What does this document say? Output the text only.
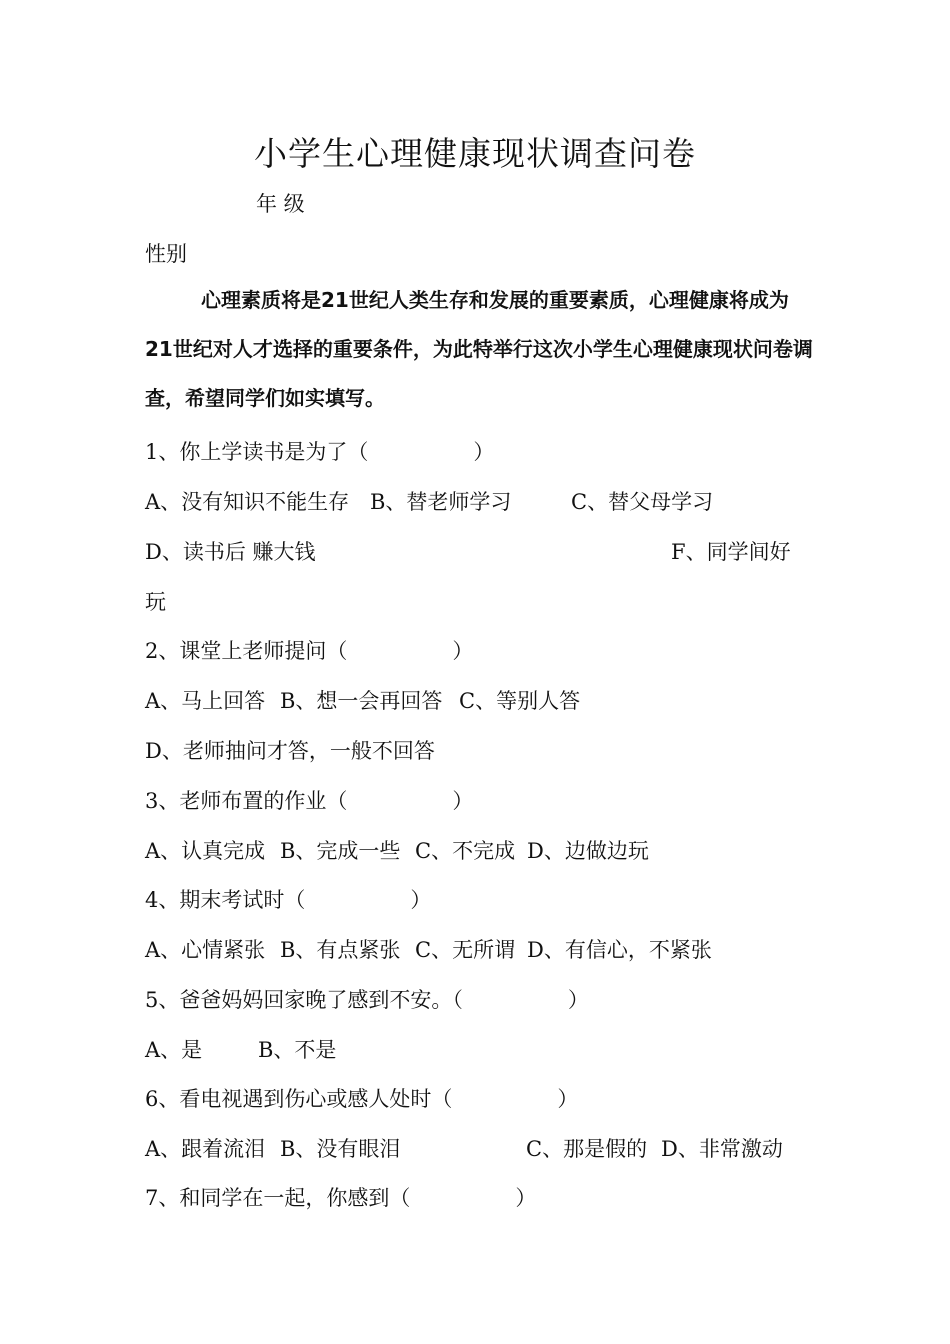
小学生心理健康现状调查问卷

年 级

性别

心理素质将是21世纪人类生存和发展的重要素质，心理健康将成为21世纪对人才选择的重要条件，为此特举行这次小学生心理健康现状问卷调查，希望同学们如实填写。

1、你上学读书是为了（　　　　　）

A、没有知识不能生存 B、替老师学习	C、替父母学习
D、读书后 赚大钱	F、同学间好
玩

2、课堂上老师提问（　　　　　）

A、马上回答 B、想一会再回答 C、等别人答
D、老师抽问才答，一般不回答

3、老师布置的作业（　　　　　）

A、认真完成 B、完成一些 C、不完成 D、边做边玩

4、期末考试时（　　　　　）

A、心情紧张 B、有点紧张 C、无所谓 D、有信心，不紧张

5、爸爸妈妈回家晚了感到不安。（　　　　　）

A、是	B、不是

6、看电视遇到伤心或感人处时（　　　　　）

A、跟着流泪 B、没有眼泪	C、那是假的 D、非常激动

7、和同学在一起，你感到（　　　　　）
